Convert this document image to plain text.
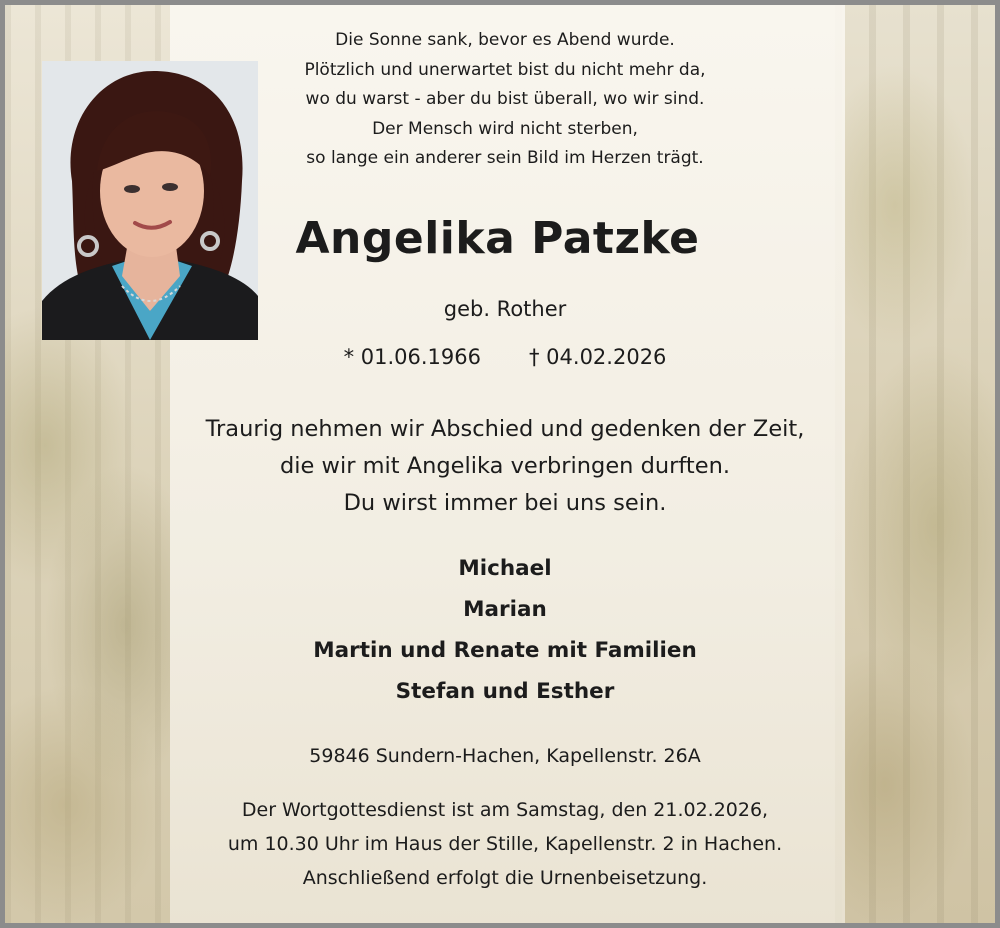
Die Sonne sank, bevor es Abend wurde.
Plötzlich und unerwartet bist du nicht mehr da,
wo du warst - aber du bist überall, wo wir sind.
Der Mensch wird nicht sterben,
so lange ein anderer sein Bild im Herzen trägt.
Angelika Patzke
geb. Rother
* 01.06.1966 † 04.02.2026
Traurig nehmen wir Abschied und gedenken der Zeit,
die wir mit Angelika verbringen durften.
Du wirst immer bei uns sein.
Michael
Marian
Martin und Renate mit Familien
Stefan und Esther
59846 Sundern-Hachen, Kapellenstr. 26A
Der Wortgottesdienst ist am Samstag, den 21.02.2026,
um 10.30 Uhr im Haus der Stille, Kapellenstr. 2 in Hachen.
Anschließend erfolgt die Urnenbeisetzung.
